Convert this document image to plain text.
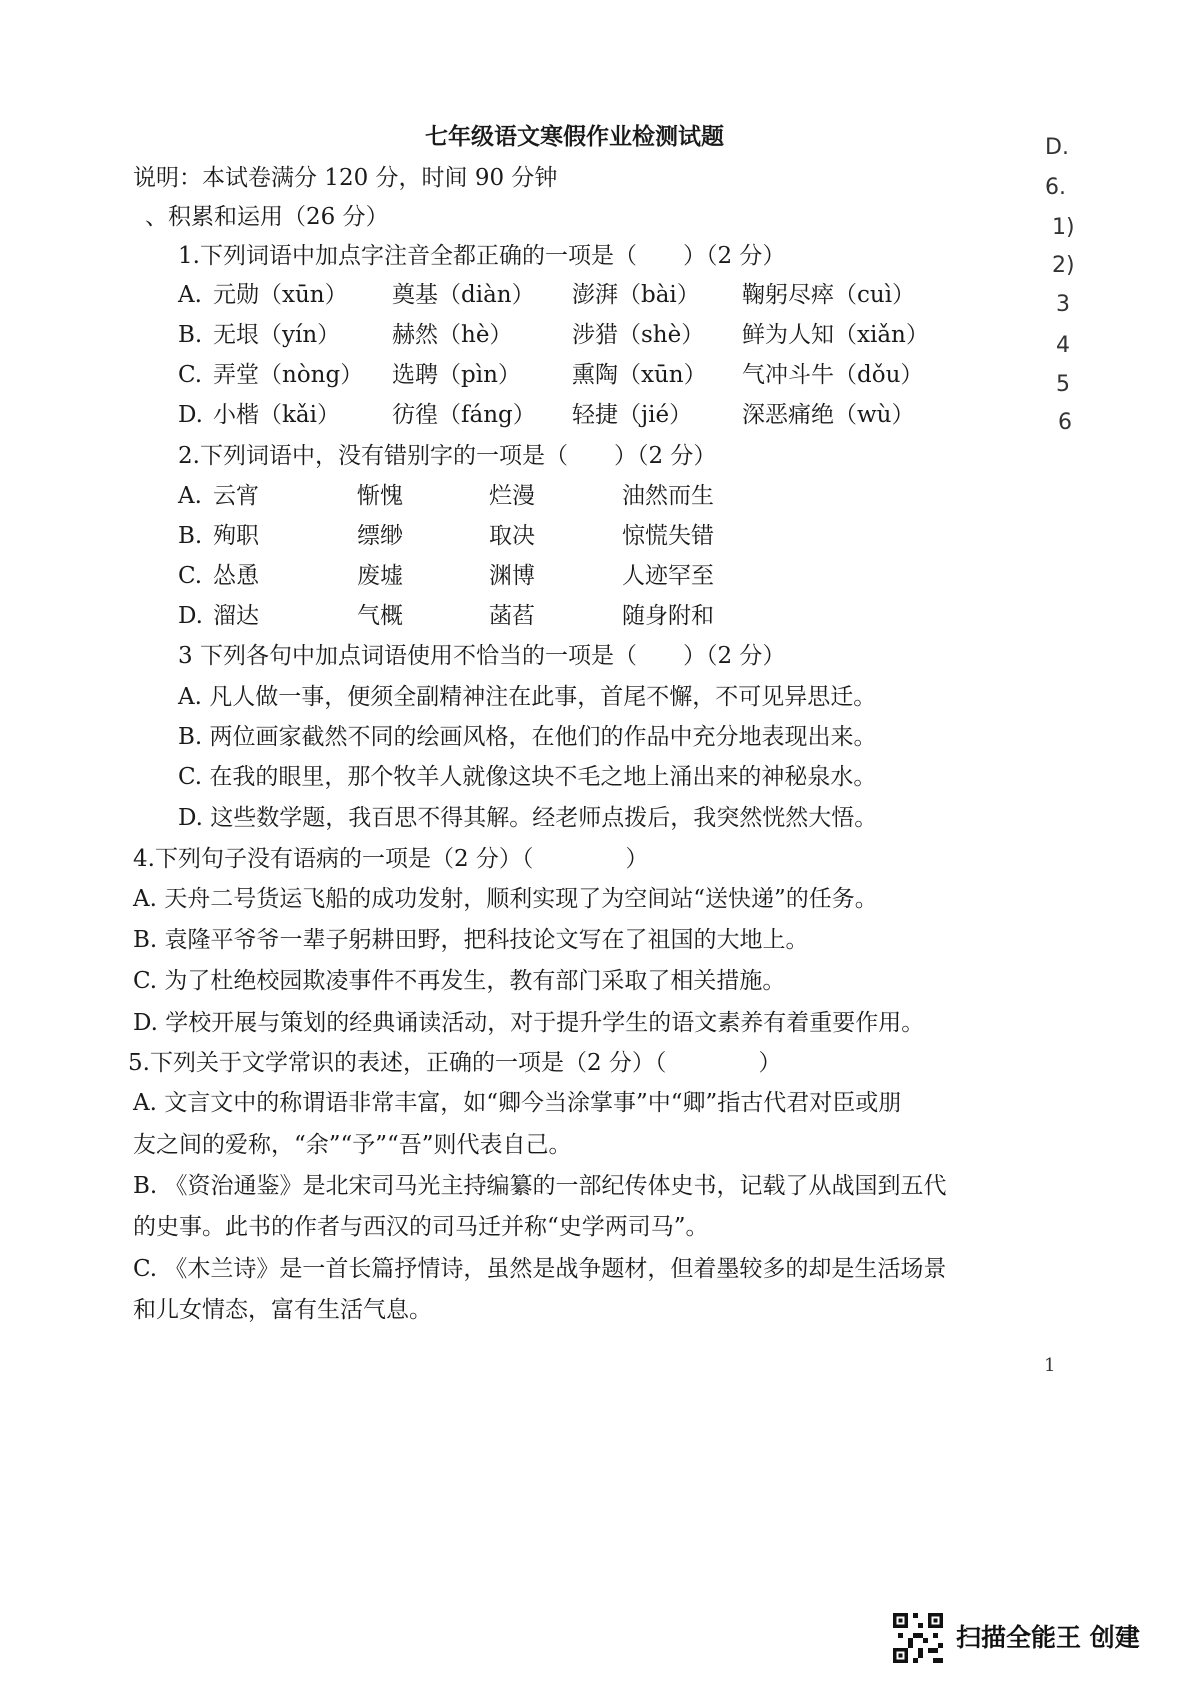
七年级语文寒假作业检测试题
说明：本试卷满分 120 分，时间 90 分钟
、积累和运用（26 分）
1.下列词语中加点字注音全都正确的一项是（　　）（2 分）
A. 元勋（xūn） 奠基（diàn） 澎湃（bài） 鞠躬尽瘁（cuì）
B. 无垠（yín） 赫然（hè）	涉猎（shè） 鲜为人知（xiǎn）
C. 弄堂（nòng） 选聘（pìn） 熏陶（xūn） 气冲斗牛（dǒu）
D. 小楷（kǎi） 彷徨（fáng） 轻捷（jié） 深恶痛绝（wù）
2.下列词语中，没有错别字的一项是（　　）（2 分）
A. 云宵	惭愧	烂漫	油然而生
B. 殉职	缥缈	取决	惊慌失错
C. 怂恿	废墟	渊博	人迹罕至
D. 溜达	气概	菡萏	随身附和
3 下列各句中加点词语使用不恰当的一项是（　　）（2 分）
A. 凡人做一事，便须全副精神注在此事，首尾不懈，不可见异思迁。
B. 两位画家截然不同的绘画风格，在他们的作品中充分地表现出来。
C. 在我的眼里，那个牧羊人就像这块不毛之地上涌出来的神秘泉水。
D. 这些数学题，我百思不得其解。经老师点拨后，我突然恍然大悟。
4.下列句子没有语病的一项是（2 分）（　　　　）
A. 天舟二号货运飞船的成功发射，顺利实现了为空间站“送快递”的任务。
B. 袁隆平爷爷一辈子躬耕田野，把科技论文写在了祖国的大地上。
C. 为了杜绝校园欺凌事件不再发生，教有部门采取了相关措施。
D. 学校开展与策划的经典诵读活动，对于提升学生的语文素养有着重要作用。
5.下列关于文学常识的表述，正确的一项是（2 分）（　　　　）
A. 文言文中的称谓语非常丰富，如“卿今当涂掌事”中“卿”指古代君对臣或朋
友之间的爱称，“余”“予”“吾”则代表自己。
B. 《资治通鉴》是北宋司马光主持编纂的一部纪传体史书，记载了从战国到五代
的史事。此书的作者与西汉的司马迁并称“史学两司马”。
C. 《木兰诗》是一首长篇抒情诗，虽然是战争题材，但着墨较多的却是生活场景
和儿女情态，富有生活气息。
D.
6.
1)
2)
3
4
5
6
1
扫描全能王 创建
